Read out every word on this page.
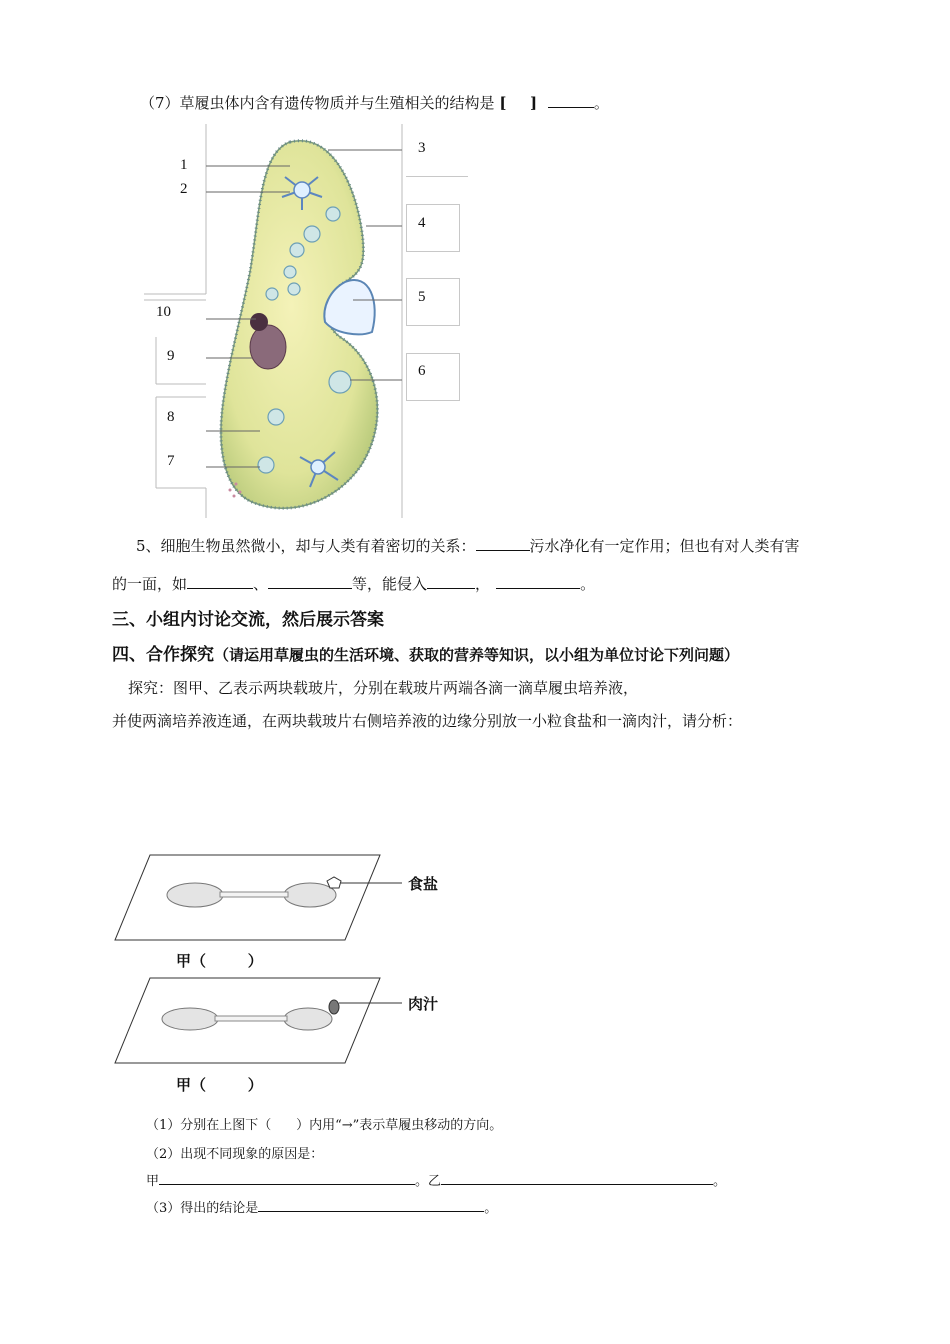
（7）草履虫体内含有遗传物质并与生殖相关的结构是 [ ]	。
1
2
3
4
5
6
7
8
9
10
5、细胞生物虽然微小，却与人类有着密切的关系：	污水净化有一定作用；但也有对人类有害
的一面，如	、	等，能侵入	，	。
三、小组内讨论交流，然后展示答案
四、合作探究（请运用草履虫的生活环境、获取的营养等知识，以小组为单位讨论下列问题）
探究：图甲、乙表示两块载玻片，分别在载玻片两端各滴一滴草履虫培养液，
并使两滴培养液连通，在两块载玻片右侧培养液的边缘分别放一小粒食盐和一滴肉汁，请分析：
食盐
肉汁
甲（        ）
甲（        ）
（1）分别在上图下（      ）内用“→”表示草履虫移动的方向。
（2）出现不同现象的原因是：
甲	。乙	。
（3）得出的结论是	。
